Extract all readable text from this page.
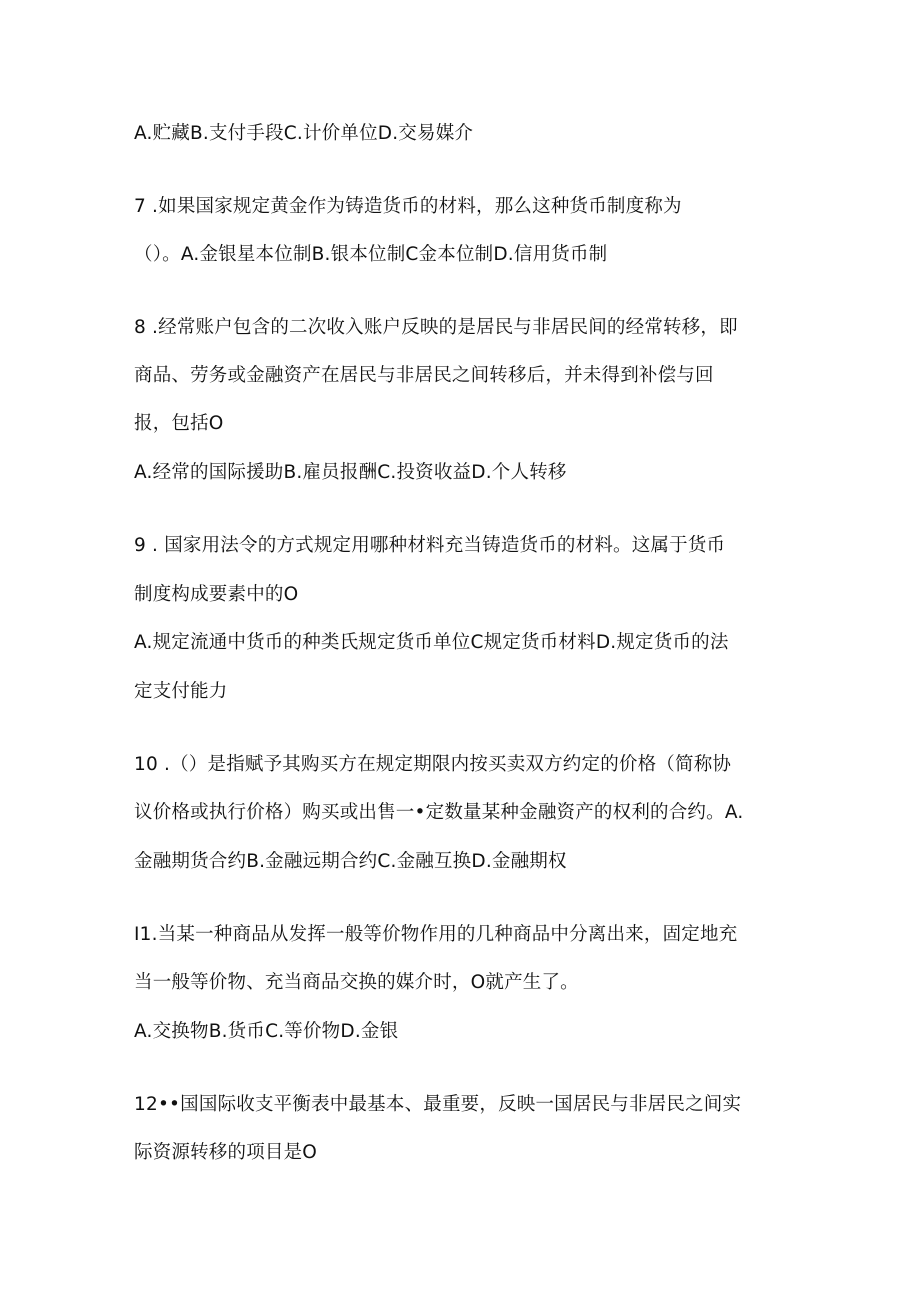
A.贮藏B.支付手段C.计价单位D.交易媒介
7 .如果国家规定黄金作为铸造货币的材料，那么这种货币制度称为
（）。A.金银星本位制B.银本位制C金本位制D.信用货币制
8 .经常账户包含的二次收入账户反映的是居民与非居民间的经常转移，即
商品、劳务或金融资产在居民与非居民之间转移后，并未得到补偿与回
报，包括O
A.经常的国际援助B.雇员报酬C.投资收益D.个人转移
9 . 国家用法令的方式规定用哪种材料充当铸造货币的材料。这属于货币
制度构成要素中的O
A.规定流通中货币的种类氏规定货币单位C规定货币材料D.规定货币的法
定支付能力
10 .（）是指赋予其购买方在规定期限内按买卖双方约定的价格（简称协
议价格或执行价格）购买或出售一•定数量某种金融资产的权利的合约。A.
金融期货合约B.金融远期合约C.金融互换D.金融期权
I1.当某一种商品从发挥一般等价物作用的几种商品中分离出来，固定地充
当一般等价物、充当商品交换的媒介时，O就产生了。
A.交换物B.货币C.等价物D.金银
12••国国际收支平衡表中最基本、最重要，反映一国居民与非居民之间实
际资源转移的项目是O
